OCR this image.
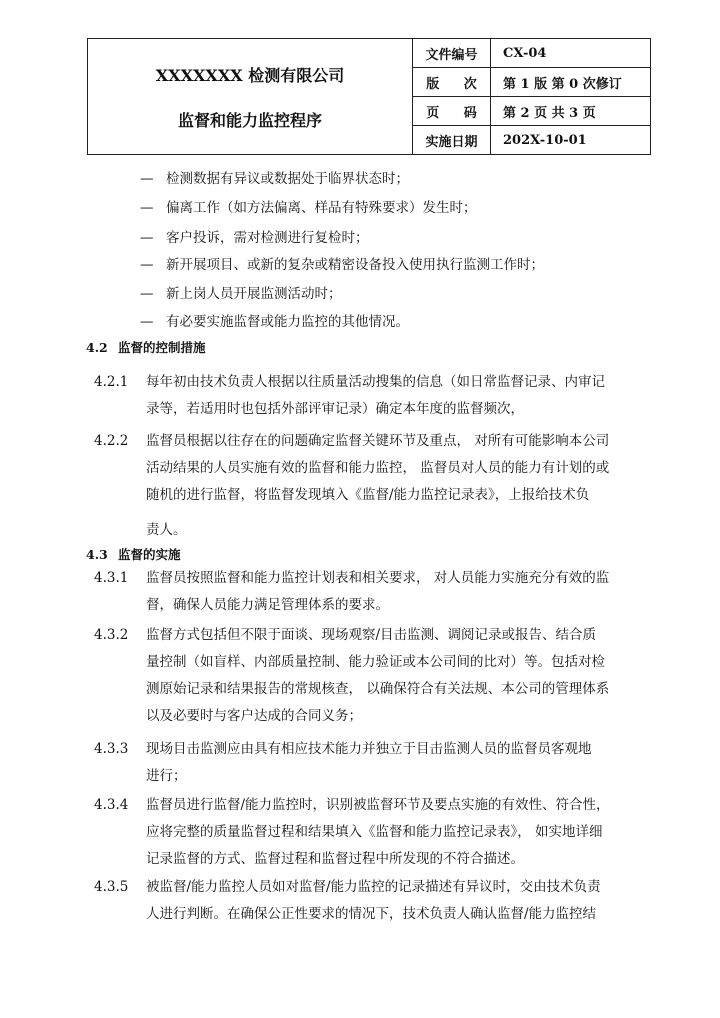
XXXXXXX 检测有限公司
监督和能力监控程序	文件编号	CX-04
	版 次	第 1 版 第 0 次修订
	页 码	第 2 页 共 3 页
	实施日期	202X-10-01
— 检测数据有异议或数据处于临界状态时；
— 偏离工作（如方法偏离、样品有特殊要求）发生时；
— 客户投诉，需对检测进行复检时；
— 新开展项目、或新的复杂或精密设备投入使用执行监测工作时；
— 新上岗人员开展监测活动时；
— 有必要实施监督或能力监控的其他情况。
4.2 监督的控制措施
4.2.1	每年初由技术负责人根据以往质量活动搜集的信息（如日常监督记录、内审记
录等，若适用时也包括外部评审记录）确定本年度的监督频次，
4.2.2	监督员根据以往存在的问题确定监督关键环节及重点， 对所有可能影响本公司
活动结果的人员实施有效的监督和能力监控， 监督员对人员的能力有计划的或
随机的进行监督，将监督发现填入《监督/能力监控记录表》，上报给技术负
责人。
4.3 监督的实施
4.3.1	监督员按照监督和能力监控计划表和相关要求， 对人员能力实施充分有效的监
督，确保人员能力满足管理体系的要求。
4.3.2	监督方式包括但不限于面谈、现场观察/目击监测、调阅记录或报告、结合质
量控制（如盲样、内部质量控制、能力验证或本公司间的比对）等。包括对检
测原始记录和结果报告的常规核查， 以确保符合有关法规、本公司的管理体系
以及必要时与客户达成的合同义务；
4.3.3	现场目击监测应由具有相应技术能力并独立于目击监测人员的监督员客观地
进行；
4.3.4	监督员进行监督/能力监控时，识别被监督环节及要点实施的有效性、符合性，
应将完整的质量监督过程和结果填入《监督和能力监控记录表》， 如实地详细
记录监督的方式、监督过程和监督过程中所发现的不符合描述。
4.3.5	被监督/能力监控人员如对监督/能力监控的记录描述有异议时，交由技术负责
人进行判断。在确保公正性要求的情况下，技术负责人确认监督/能力监控结
